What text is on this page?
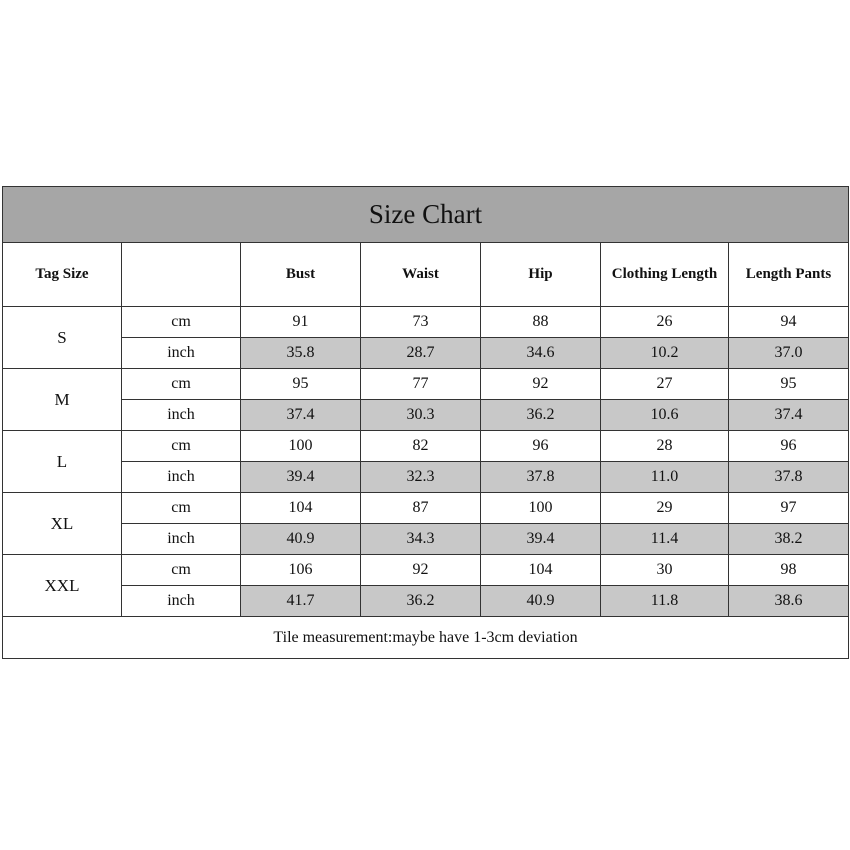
Size Chart						
Tag Size		Bust	Waist	Hip	Clothing Length	Length Pants
S	cm	91	73	88	26	94
	inch	35.8	28.7	34.6	10.2	37.0
M	cm	95	77	92	27	95
	inch	37.4	30.3	36.2	10.6	37.4
L	cm	100	82	96	28	96
	inch	39.4	32.3	37.8	11.0	37.8
XL	cm	104	87	100	29	97
	inch	40.9	34.3	39.4	11.4	38.2
XXL	cm	106	92	104	30	98
	inch	41.7	36.2	40.9	11.8	38.6
Tile measurement:maybe have 1-3cm deviation						
